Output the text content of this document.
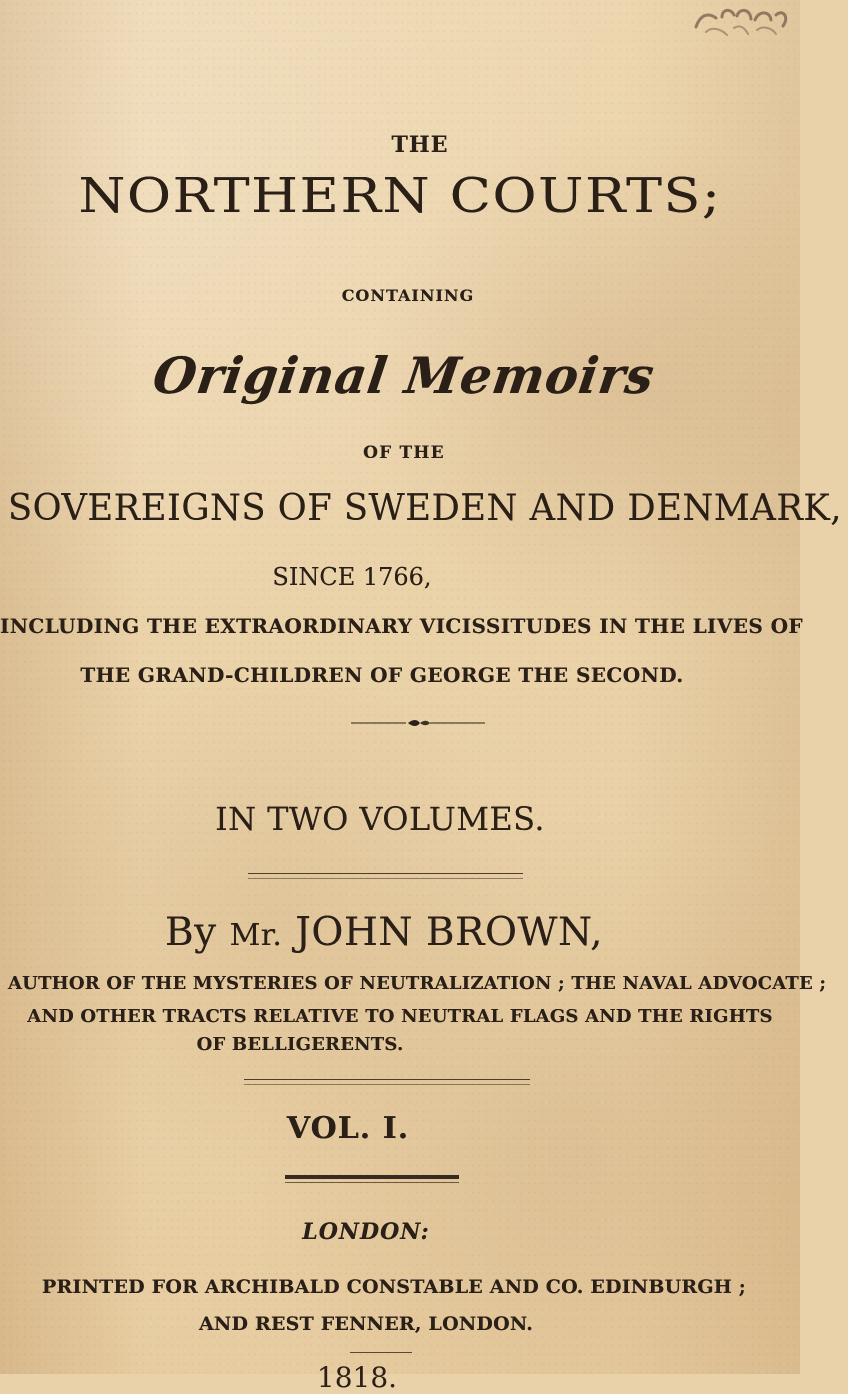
THE
NORTHERN COURTS;
CONTAINING
Original Memoirs
OF THE
SOVEREIGNS OF SWEDEN AND DENMARK,
SINCE 1766,
INCLUDING THE EXTRAORDINARY VICISSITUDES IN THE LIVES OF
THE GRAND-CHILDREN OF GEORGE THE SECOND.
IN TWO VOLUMES.
By Mr. JOHN BROWN,
AUTHOR OF THE MYSTERIES OF NEUTRALIZATION ; THE NAVAL ADVOCATE ;
AND OTHER TRACTS RELATIVE TO NEUTRAL FLAGS AND THE RIGHTS
OF BELLIGERENTS.
VOL. I.
LONDON:
PRINTED FOR ARCHIBALD CONSTABLE AND CO. EDINBURGH ;
AND REST FENNER, LONDON.
1818.
